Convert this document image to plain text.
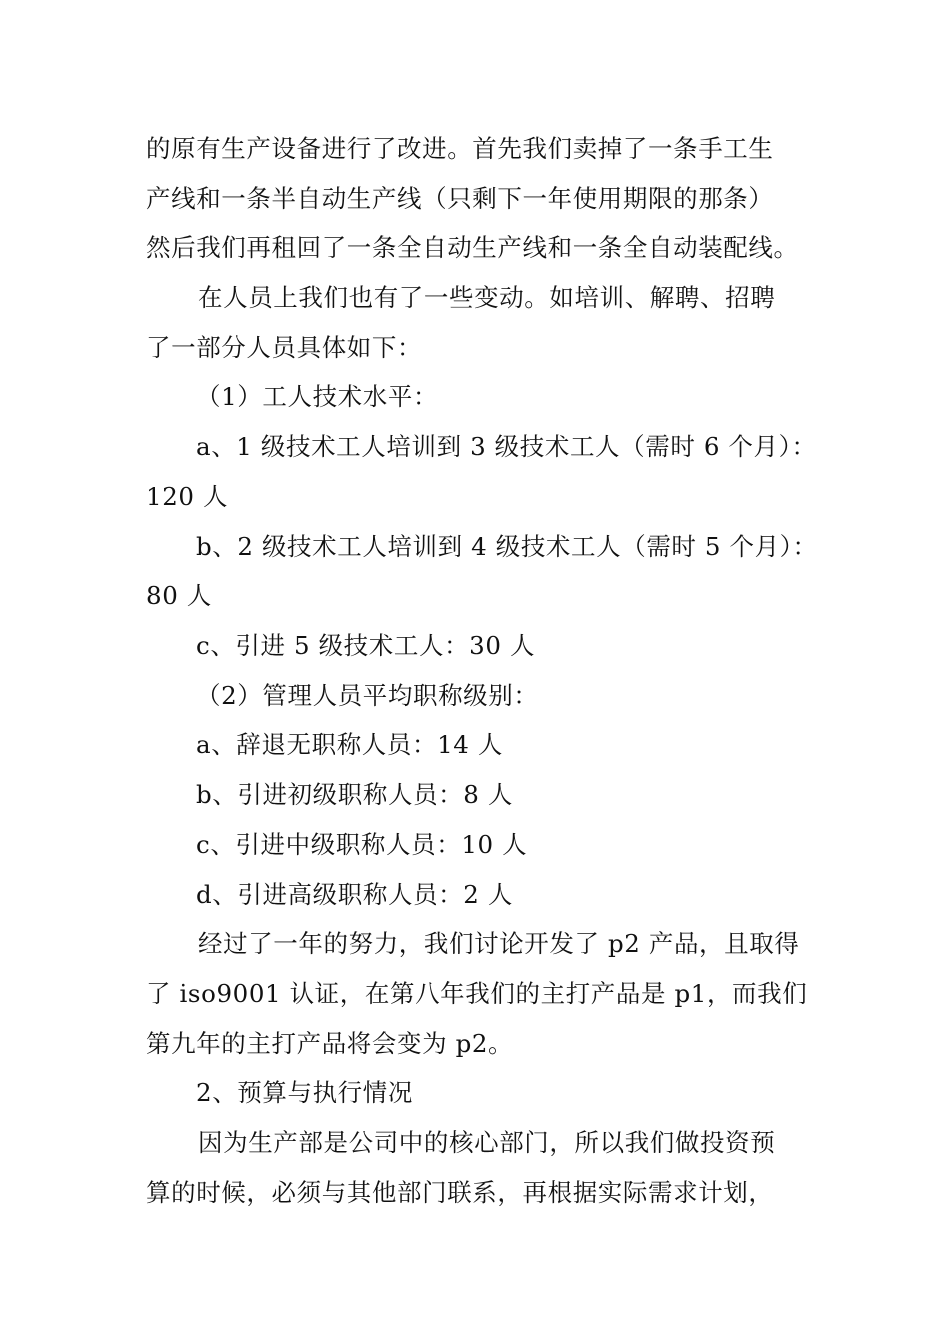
的原有生产设备进行了改进。首先我们卖掉了一条手工生
产线和一条半自动生产线（只剩下一年使用期限的那条）
然后我们再租回了一条全自动生产线和一条全自动装配线。
在人员上我们也有了一些变动。如培训、解聘、招聘
了一部分人员具体如下：
（1）工人技术水平：
a、1 级技术工人培训到 3 级技术工人（需时 6 个月）：
120 人
b、2 级技术工人培训到 4 级技术工人（需时 5 个月）：
80 人
c、引进 5 级技术工人：30 人
（2）管理人员平均职称级别：
a、辞退无职称人员：14 人
b、引进初级职称人员：8 人
c、引进中级职称人员：10 人
d、引进高级职称人员：2 人
经过了一年的努力，我们讨论开发了 p2 产品，且取得
了 iso9001 认证，在第八年我们的主打产品是 p1，而我们
第九年的主打产品将会变为 p2。
2、预算与执行情况
因为生产部是公司中的核心部门，所以我们做投资预
算的时候，必须与其他部门联系，再根据实际需求计划，
